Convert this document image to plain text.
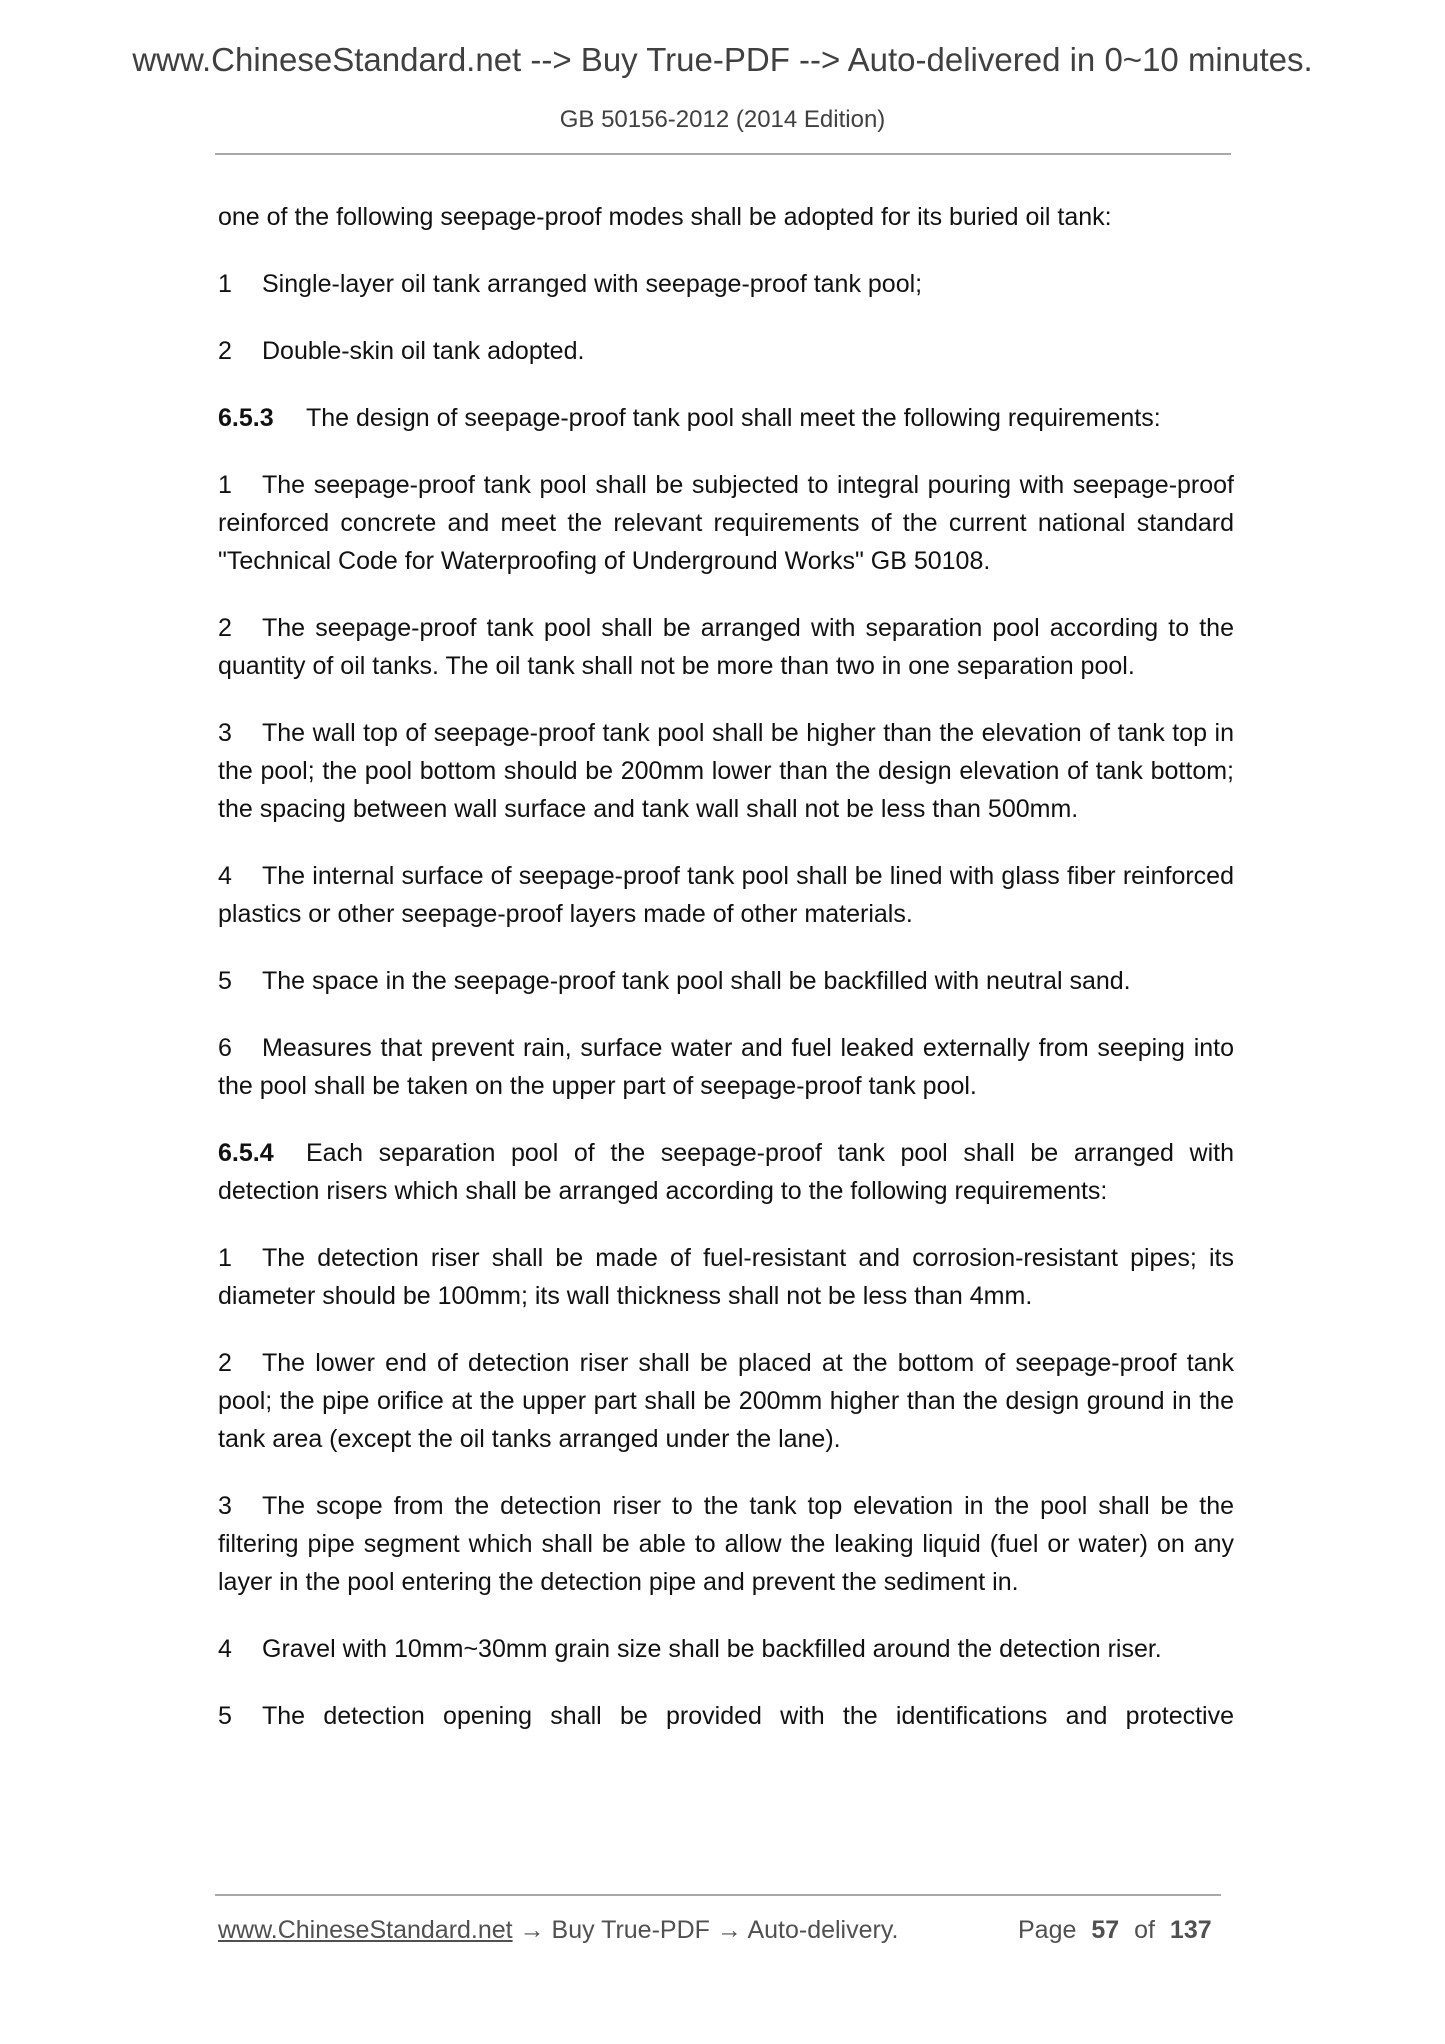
www.ChineseStandard.net --> Buy True-PDF --> Auto-delivered in 0~10 minutes.
GB 50156-2012 (2014 Edition)

one of the following seepage-proof modes shall be adopted for its buried oil tank:

1 Single-layer oil tank arranged with seepage-proof tank pool;

2 Double-skin oil tank adopted.

6.5.3 The design of seepage-proof tank pool shall meet the following requirements:

1 The seepage-proof tank pool shall be subjected to integral pouring with seepage-proof reinforced concrete and meet the relevant requirements of the current national standard "Technical Code for Waterproofing of Underground Works" GB 50108.

2 The seepage-proof tank pool shall be arranged with separation pool according to the quantity of oil tanks. The oil tank shall not be more than two in one separation pool.

3 The wall top of seepage-proof tank pool shall be higher than the elevation of tank top in the pool; the pool bottom should be 200mm lower than the design elevation of tank bottom; the spacing between wall surface and tank wall shall not be less than 500mm.

4 The internal surface of seepage-proof tank pool shall be lined with glass fiber reinforced plastics or other seepage-proof layers made of other materials.

5 The space in the seepage-proof tank pool shall be backfilled with neutral sand.

6 Measures that prevent rain, surface water and fuel leaked externally from seeping into the pool shall be taken on the upper part of seepage-proof tank pool.

6.5.4 Each separation pool of the seepage-proof tank pool shall be arranged with detection risers which shall be arranged according to the following requirements:

1 The detection riser shall be made of fuel-resistant and corrosion-resistant pipes; its diameter should be 100mm; its wall thickness shall not be less than 4mm.

2 The lower end of detection riser shall be placed at the bottom of seepage-proof tank pool; the pipe orifice at the upper part shall be 200mm higher than the design ground in the tank area (except the oil tanks arranged under the lane).

3 The scope from the detection riser to the tank top elevation in the pool shall be the filtering pipe segment which shall be able to allow the leaking liquid (fuel or water) on any layer in the pool entering the detection pipe and prevent the sediment in.

4 Gravel with 10mm~30mm grain size shall be backfilled around the detection riser.

5 The detection opening shall be provided with the identifications and protective

www.ChineseStandard.net → Buy True-PDF → Auto-delivery.	Page 57 of 137
